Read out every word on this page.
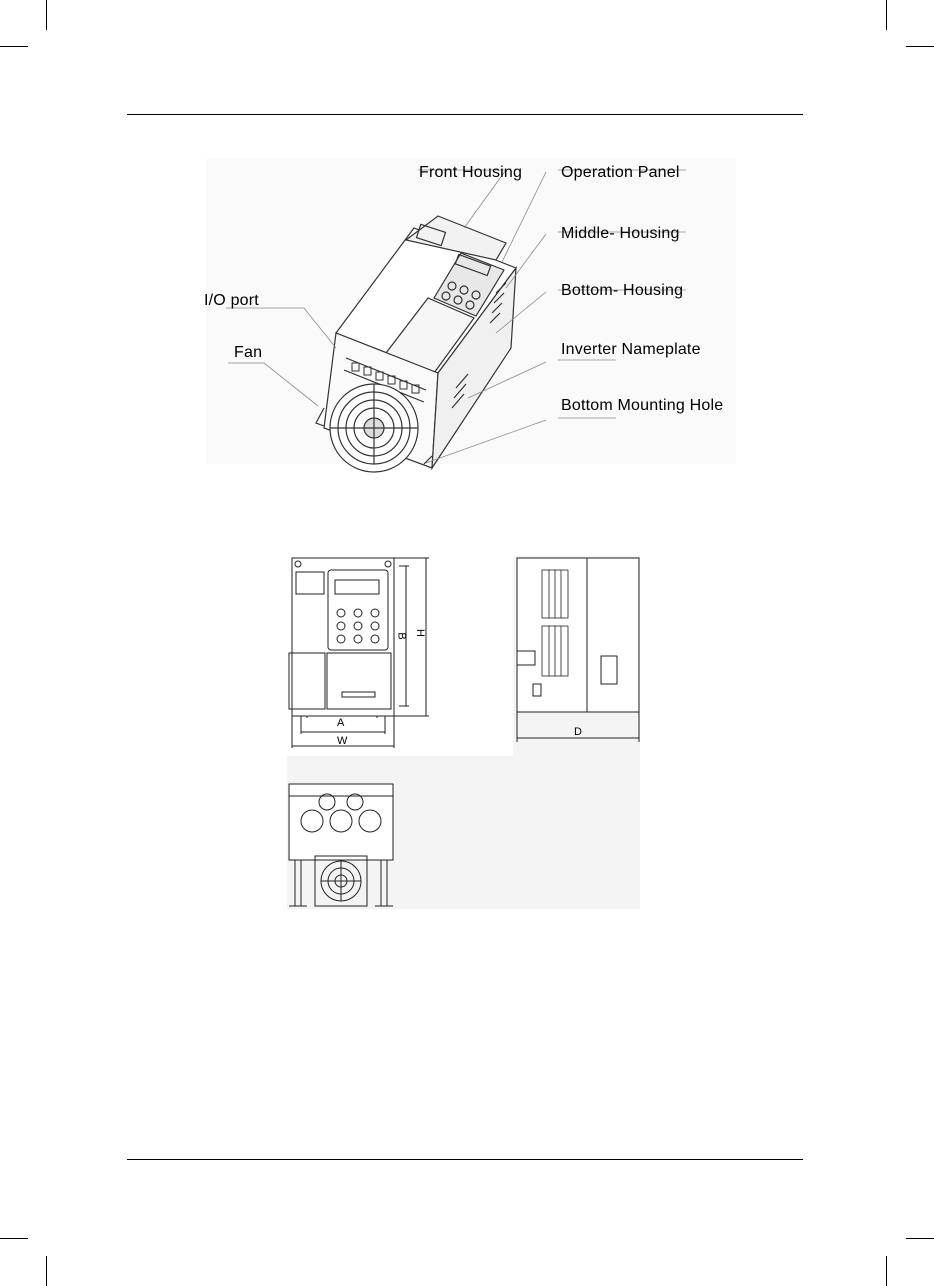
Front Housing Operation Panel
Middle- Housing
I/O port
Bottom- Housing
Fan	Inverter Nameplate
Bottom Mounting Hole
A
W
B H
D
